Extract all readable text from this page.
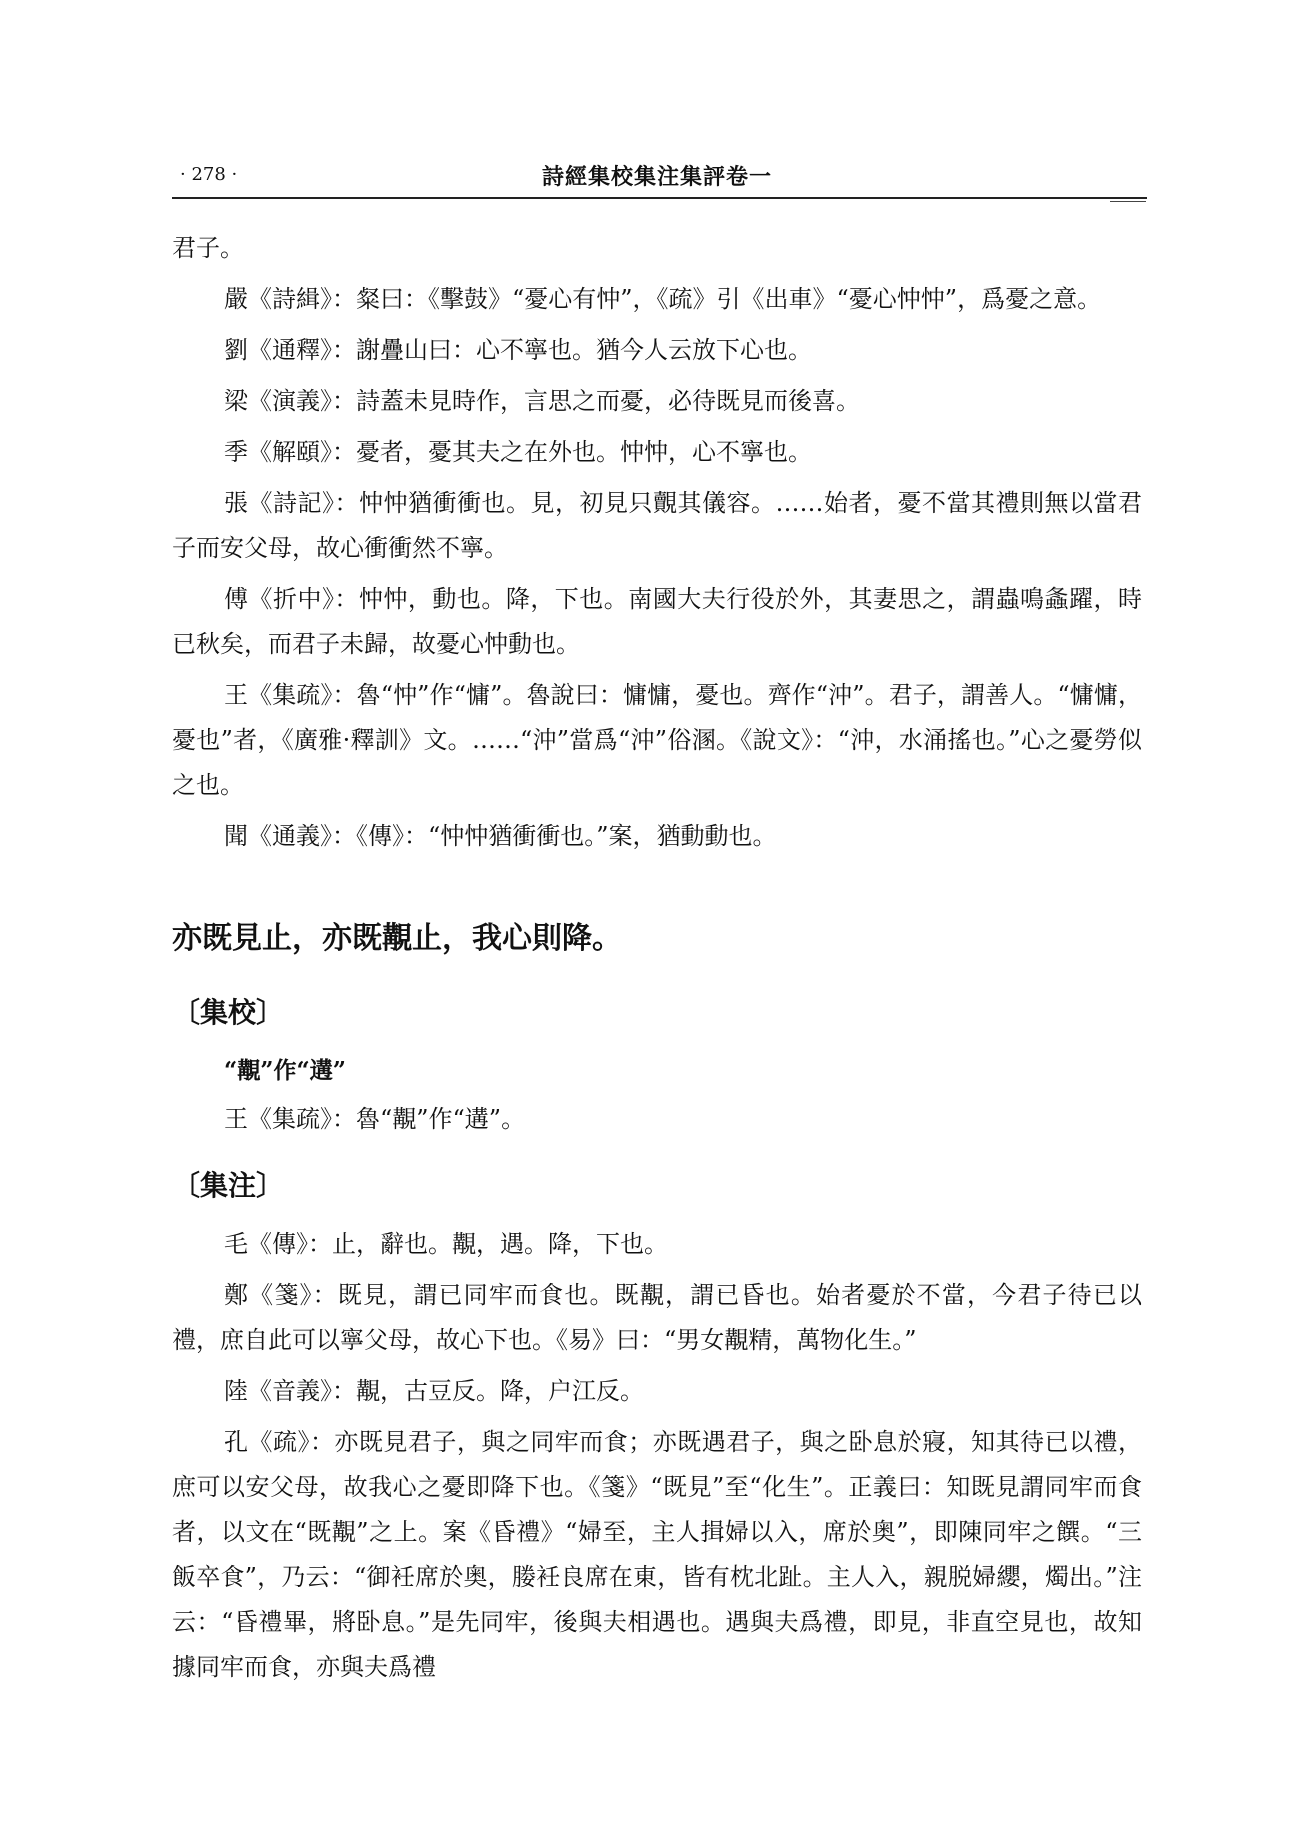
· 278 ·	詩經集校集注集評卷一

君子。

嚴《詩緝》：粲曰：《擊鼓》“憂心有忡”，《疏》引《出車》“憂心忡忡”，爲憂之意。

劉《通釋》：謝疊山曰：心不寧也。猶今人云放下心也。

梁《演義》：詩蓋未見時作，言思之而憂，必待既見而後喜。

季《解頤》：憂者，憂其夫之在外也。忡忡，心不寧也。

張《詩記》：忡忡猶衝衝也。見，初見只覿其儀容。……始者，憂不當其禮則無以當君子而安父母，故心衝衝然不寧。

傅《折中》：忡忡，動也。降，下也。南國大夫行役於外，其妻思之，謂蟲鳴螽躍，時已秋矣，而君子未歸，故憂心忡動也。

王《集疏》：魯“忡”作“慵”。魯說曰：慵慵，憂也。齊作“沖”。君子，謂善人。“慵慵，憂也”者，《廣雅·釋訓》文。……“沖”當爲“沖”俗溷。《說文》：“沖，水涌搖也。”心之憂勞似之也。

聞《通義》：《傳》：“忡忡猶衝衝也。”案，猶動動也。

亦既見止，亦既覯止，我心則降。
〔集校〕

“覯”作“遘”

王《集疏》：魯“覯”作“遘”。

〔集注〕

毛《傳》：止，辭也。覯，遇。降，下也。

鄭《箋》：既見，謂已同牢而食也。既覯，謂已昏也。始者憂於不當，今君子待已以禮，庶自此可以寧父母，故心下也。《易》曰：“男女覯精，萬物化生。”

陸《音義》：覯，古豆反。降，户江反。

孔《疏》：亦既見君子，與之同牢而食；亦既遇君子，與之卧息於寢，知其待已以禮，庶可以安父母，故我心之憂即降下也。《箋》“既見”至“化生”。正義曰：知既見謂同牢而食者，以文在“既覯”之上。案《昏禮》“婦至，主人揖婦以入，席於奥”，即陳同牢之饌。“三飯卒食”，乃云：“御衽席於奥，媵衽良席在東，皆有枕北趾。主人入，親脱婦纓，燭出。”注云：“昏禮畢，將卧息。”是先同牢，後與夫相遇也。遇與夫爲禮，即見，非直空見也，故知據同牢而食，亦與夫爲禮
